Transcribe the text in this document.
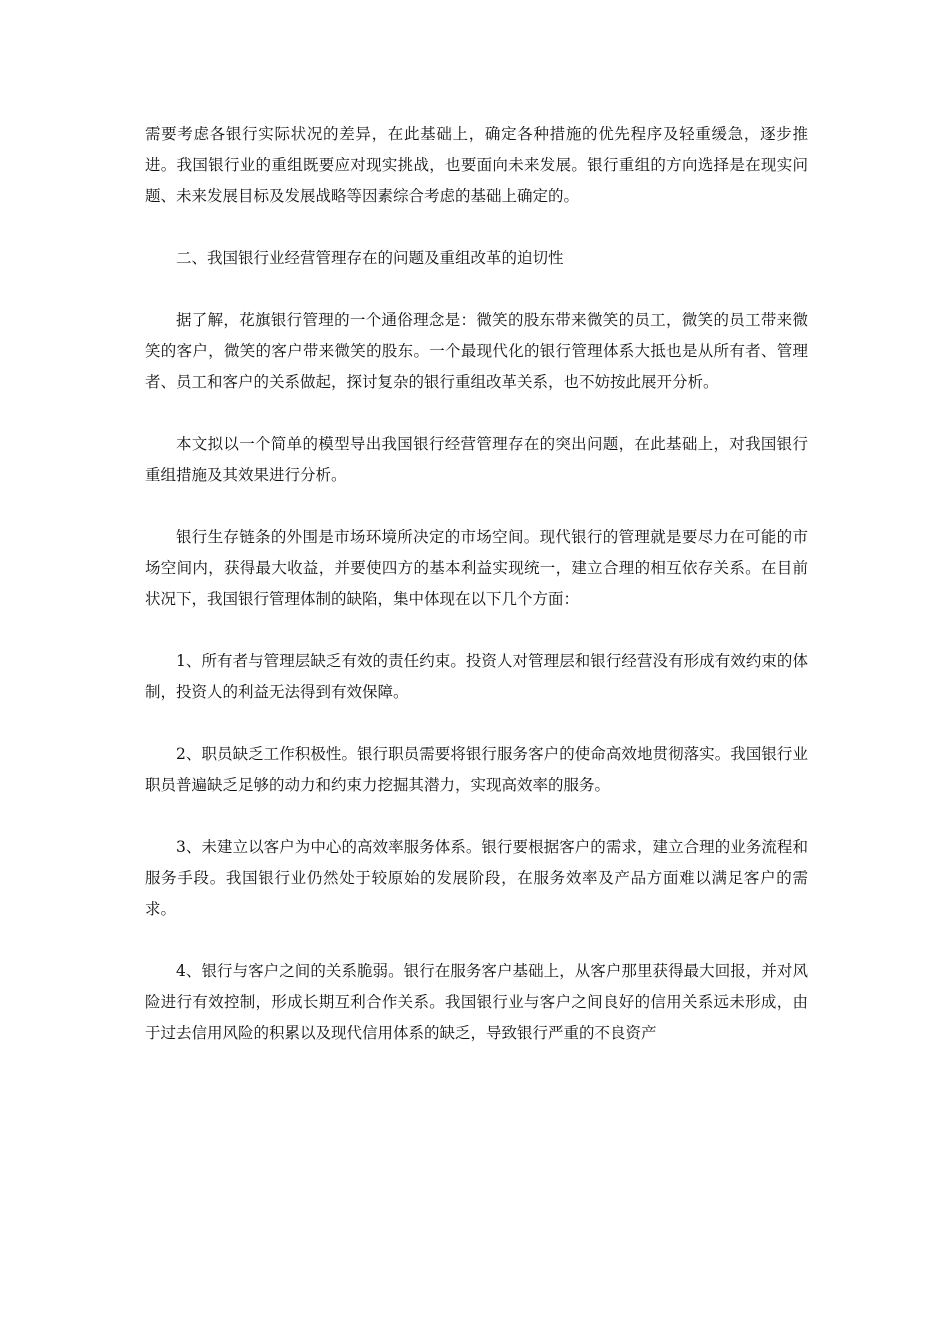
需要考虑各银行实际状况的差异，在此基础上，确定各种措施的优先程序及轻重缓急，逐步推进。我国银行业的重组既要应对现实挑战，也要面向未来发展。银行重组的方向选择是在现实问题、未来发展目标及发展战略等因素综合考虑的基础上确定的。

二、我国银行业经营管理存在的问题及重组改革的迫切性

据了解，花旗银行管理的一个通俗理念是：微笑的股东带来微笑的员工，微笑的员工带来微笑的客户，微笑的客户带来微笑的股东。一个最现代化的银行管理体系大抵也是从所有者、管理者、员工和客户的关系做起，探讨复杂的银行重组改革关系，也不妨按此展开分析。

本文拟以一个简单的模型导出我国银行经营管理存在的突出问题，在此基础上，对我国银行重组措施及其效果进行分析。

银行生存链条的外围是市场环境所决定的市场空间。现代银行的管理就是要尽力在可能的市场空间内，获得最大收益，并要使四方的基本利益实现统一，建立合理的相互依存关系。在目前状况下，我国银行管理体制的缺陷，集中体现在以下几个方面：

1、所有者与管理层缺乏有效的责任约束。投资人对管理层和银行经营没有形成有效约束的体制，投资人的利益无法得到有效保障。

2、职员缺乏工作积极性。银行职员需要将银行服务客户的使命高效地贯彻落实。我国银行业职员普遍缺乏足够的动力和约束力挖掘其潜力，实现高效率的服务。

3、未建立以客户为中心的高效率服务体系。银行要根据客户的需求，建立合理的业务流程和服务手段。我国银行业仍然处于较原始的发展阶段，在服务效率及产品方面难以满足客户的需求。

4、银行与客户之间的关系脆弱。银行在服务客户基础上，从客户那里获得最大回报，并对风险进行有效控制，形成长期互利合作关系。我国银行业与客户之间良好的信用关系远未形成，由于过去信用风险的积累以及现代信用体系的缺乏，导致银行严重的不良资产
